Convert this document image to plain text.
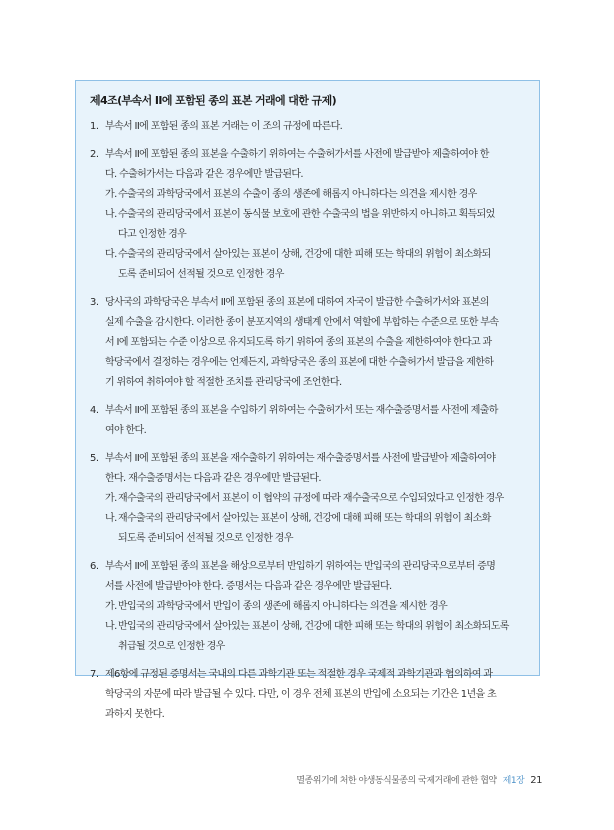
제4조(부속서 II에 포함된 종의 표본 거래에 대한 규제)
1. 부속서 II에 포함된 종의 표본 거래는 이 조의 규정에 따른다.
2. 부속서 II에 포함된 종의 표본을 수출하기 위하여는 수출허가서를 사전에 발급받아 제출하여야 한
다. 수출허가서는 다음과 같은 경우에만 발급된다.
가. 수출국의 과학당국에서 표본의 수출이 종의 생존에 해롭지 아니하다는 의견을 제시한 경우
나. 수출국의 관리당국에서 표본이 동식물 보호에 관한 수출국의 법을 위반하지 아니하고 획득되었
다고 인정한 경우
다. 수출국의 관리당국에서 살아있는 표본이 상해, 건강에 대한 피해 또는 학대의 위험이 최소화되
도록 준비되어 선적될 것으로 인정한 경우
3. 당사국의 과학당국은 부속서 II에 포함된 종의 표본에 대하여 자국이 발급한 수출허가서와 표본의
실제 수출을 감시한다. 이러한 종이 분포지역의 생태계 안에서 역할에 부합하는 수준으로 또한 부속
서 I에 포함되는 수준 이상으로 유지되도록 하기 위하여 종의 표본의 수출을 제한하여야 한다고 과
학당국에서 결정하는 경우에는 언제든지, 과학당국은 종의 표본에 대한 수출허가서 발급을 제한하
기 위하여 취하여야 할 적절한 조치를 관리당국에 조언한다.
4. 부속서 II에 포함된 종의 표본을 수입하기 위하여는 수출허가서 또는 재수출증명서를 사전에 제출하
여야 한다.
5. 부속서 II에 포함된 종의 표본을 재수출하기 위하여는 재수출증명서를 사전에 발급받아 제출하여야
한다. 재수출증명서는 다음과 같은 경우에만 발급된다.
가. 재수출국의 관리당국에서 표본이 이 협약의 규정에 따라 재수출국으로 수입되었다고 인정한 경우
나. 재수출국의 관리당국에서 살아있는 표본이 상해, 건강에 대해 피해 또는 학대의 위험이 최소화
되도록 준비되어 선적될 것으로 인정한 경우
6. 부속서 II에 포함된 종의 표본을 해상으로부터 반입하기 위하여는 반입국의 관리당국으로부터 증명
서를 사전에 발급받아야 한다. 증명서는 다음과 같은 경우에만 발급된다.
가. 반입국의 과학당국에서 반입이 종의 생존에 해롭지 아니하다는 의견을 제시한 경우
나. 반입국의 관리당국에서 살아있는 표본이 상해, 건강에 대한 피해 또는 학대의 위험이 최소화되도록
취급될 것으로 인정한 경우
7. 제6항에 규정된 증명서는 국내의 다른 과학기관 또는 적절한 경우 국제적 과학기관과 협의하여 과
학당국의 자문에 따라 발급될 수 있다. 다만, 이 경우 전체 표본의 반입에 소요되는 기간은 1년을 초
과하지 못한다.
멸종위기에 처한 야생동식물종의 국제거래에 관한 협약 제1장 21
